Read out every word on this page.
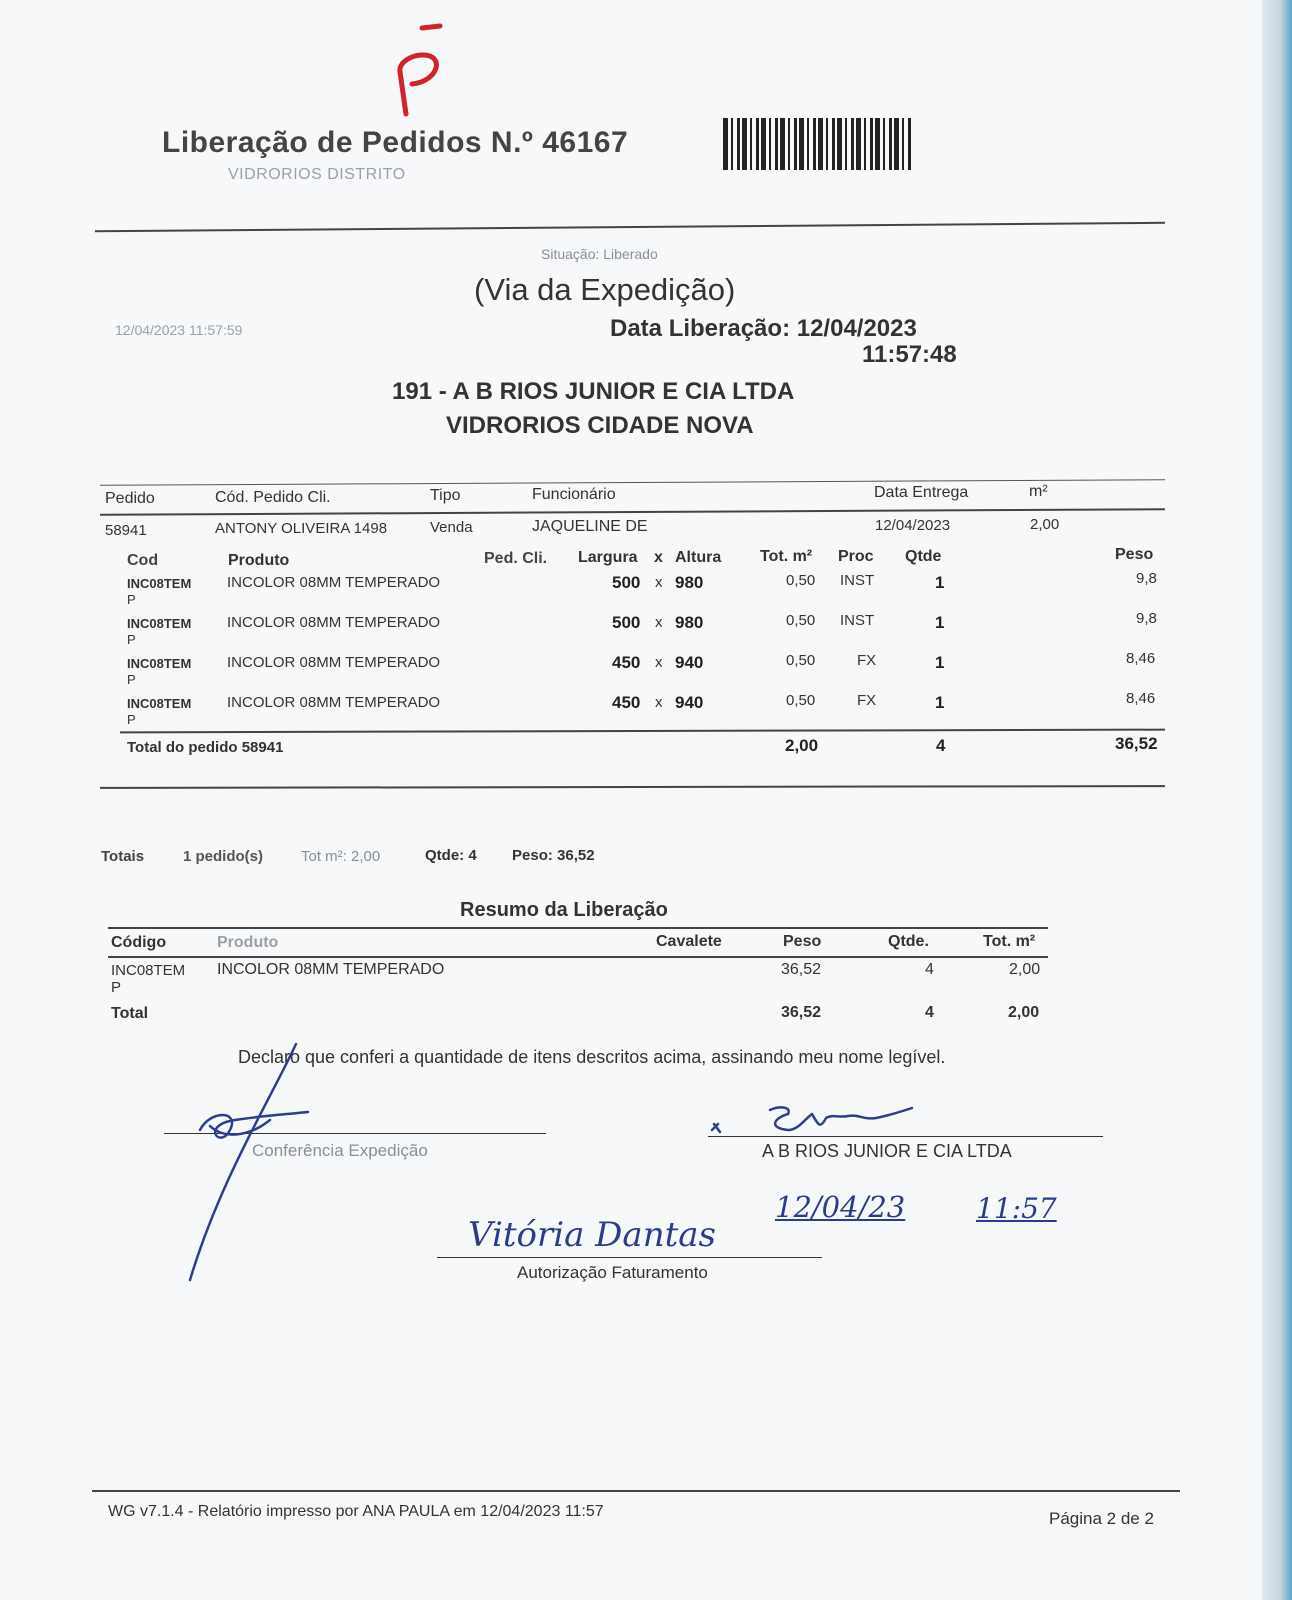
Liberação de Pedidos N.º 46167
VIDRORIOS DISTRITO
Situação: Liberado
(Via da Expedição)
12/04/2023 11:57:59	Data Liberação: 12/04/2023
11:57:48
191 - A B RIOS JUNIOR E CIA LTDA
VIDRORIOS CIDADE NOVA
Pedido	Cód. Pedido Cli.	Tipo	Funcionário	Data Entrega	m²
58941	ANTONY OLIVEIRA 1498	Venda	JAQUELINE DE	12/04/2023	2,00
Cod	Produto	Ped. Cli. Largura x Altura Tot. m² Proc Qtde	Peso
INC08TEM
P
INCOLOR 08MM TEMPERADO	500 x 980	0,50 INST	1	9,8
INC08TEM
P
INCOLOR 08MM TEMPERADO	500 x 980	0,50 INST	1	9,8
INC08TEM
P
INCOLOR 08MM TEMPERADO	450 x 940	0,50	FX	1	8,46
INC08TEM
P
INCOLOR 08MM TEMPERADO	450 x 940	0,50	FX	1	8,46
Total do pedido 58941	2,00	4	36,52
Totais	1 pedido(s)	Tot m²: 2,00	Qtde: 4 Peso: 36,52
Resumo da Liberação
Código	Produto	Cavalete	Peso	Qtde.	Tot. m²
INC08TEM
P
INCOLOR 08MM TEMPERADO	36,52	4	2,00
Total	36,52	4	2,00
Declaro que conferi a quantidade de itens descritos acima, assinando meu nome legível.
Conferência Expedição	A B RIOS JUNIOR E CIA LTDA
Autorização Faturamento
Vitória Dantas
12/04/23	11:57
WG v7.1.4 - Relatório impresso por ANA PAULA em 12/04/2023 11:57	Página 2 de 2
